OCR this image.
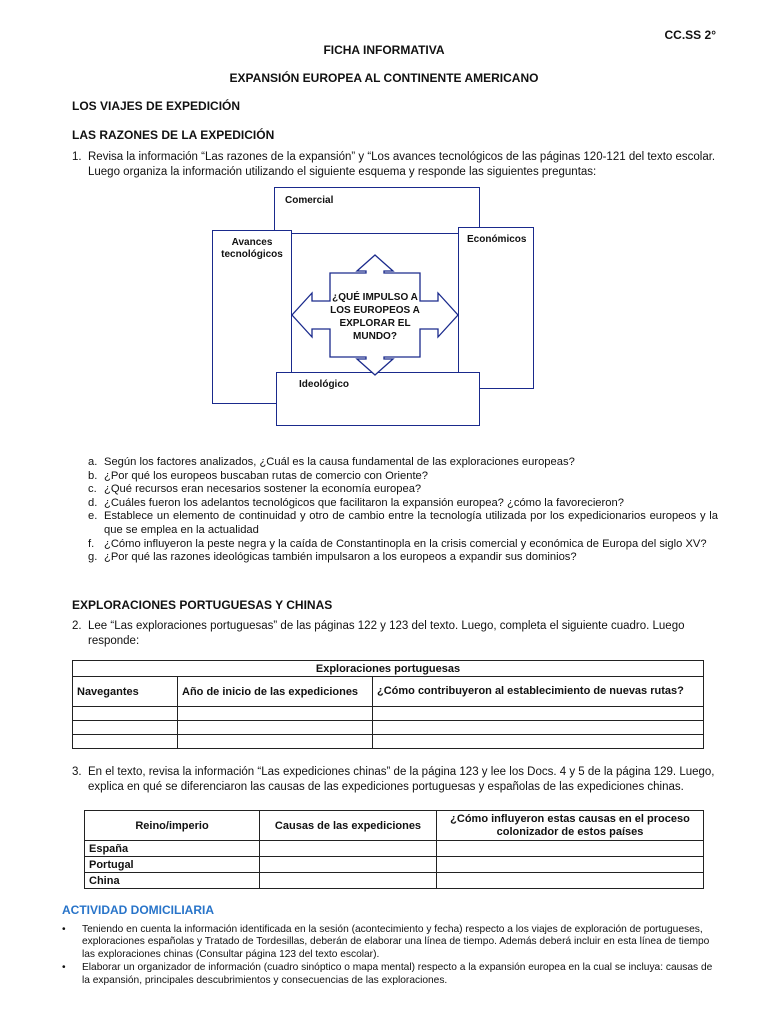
CC.SS 2°
FICHA INFORMATIVA
EXPANSIÓN EUROPEA AL CONTINENTE AMERICANO
LOS VIAJES DE EXPEDICIÓN
LAS RAZONES DE LA EXPEDICIÓN
1. Revisa la información “Las razones de la expansión” y “Los avances tecnológicos de las páginas 120-121 del texto escolar.
Luego organiza la información utilizando el siguiente esquema y responde las siguientes preguntas:
Comercial
Avances
tecnológicos
Económicos
Ideológico
¿QUÉ IMPULSO A
LOS EUROPEOS A
EXPLORAR EL
MUNDO?
a. Según los factores analizados, ¿Cuál es la causa fundamental de las exploraciones europeas?
b. ¿Por qué los europeos buscaban rutas de comercio con Oriente?
c. ¿Qué recursos eran necesarios sostener la economía europea?
d. ¿Cuáles fueron los adelantos tecnológicos que facilitaron la expansión europea? ¿cómo la favorecieron?
e. Establece un elemento de continuidad y otro de cambio entre la tecnología utilizada por los expedicionarios europeos y la que se emplea en la actualidad
f. ¿Cómo influyeron la peste negra y la caída de Constantinopla en la crisis comercial y económica de Europa del siglo XV?
g. ¿Por qué las razones ideológicas también impulsaron a los europeos a expandir sus dominios?
EXPLORACIONES PORTUGUESAS Y CHINAS
2. Lee “Las exploraciones portuguesas” de las páginas 122 y 123 del texto. Luego, completa el siguiente cuadro. Luego
responde:
Exploraciones portuguesas		
Navegantes	Año de inicio de las expediciones	¿Cómo contribuyeron al establecimiento de nuevas rutas?

3. En el texto, revisa la información “Las expediciones chinas” de la página 123 y lee los Docs. 4 y 5 de la página 129. Luego,
explica en qué se diferenciaron las causas de las expediciones portuguesas y españolas de las expediciones chinas.
Reino/imperio	Causas de las expediciones	¿Cómo influyeron estas causas en el proceso colonizador de estos países
España		
Portugal		
China		
ACTIVIDAD DOMICILIARIA
•	Teniendo en cuenta la información identificada en la sesión (acontecimiento y fecha) respecto a los viajes de exploración de portugueses, exploraciones españolas y Tratado de Tordesillas, deberán de elaborar una línea de tiempo. Además deberá incluir en esta línea de tiempo las exploraciones chinas (Consultar página 123 del texto escolar).
•	Elaborar un organizador de información (cuadro sinóptico o mapa mental) respecto a la expansión europea en la cual se incluya: causas de la expansión, principales descubrimientos y consecuencias de las exploraciones.
